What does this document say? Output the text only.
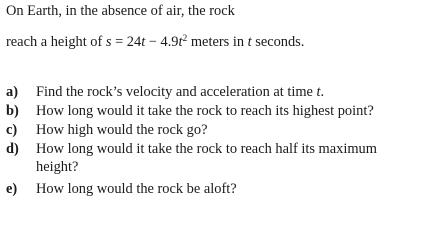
On Earth, in the absence of air, the rock
reach a height of $s = 24t - 4.9t^2$ meters in t seconds.
a) Find the rock’s velocity and acceleration at time t.
b) How long would it take the rock to reach its highest point?
c) How high would the rock go?
d) How long would it take the rock to reach half its maximum
height?
e) How long would the rock be aloft?
